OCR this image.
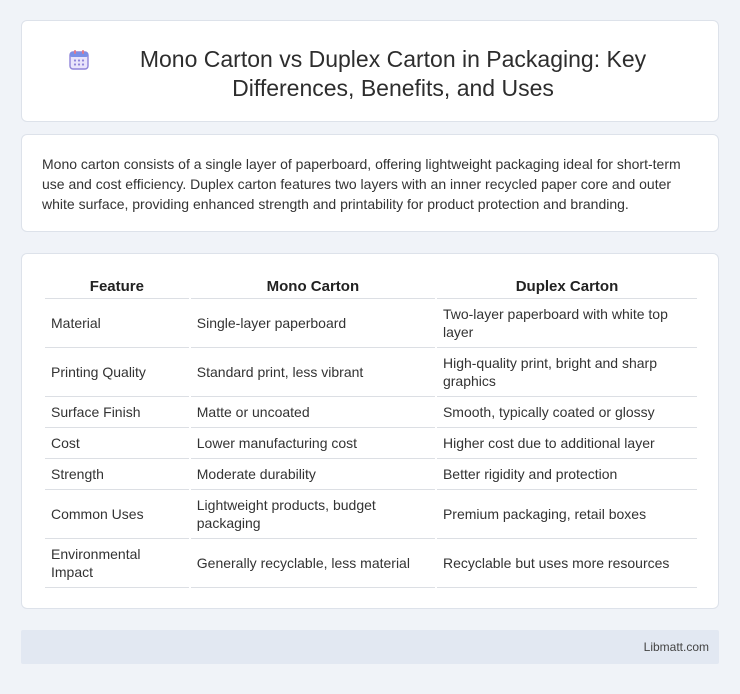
Mono Carton vs Duplex Carton in Packaging: Key Differences, Benefits, and Uses

Mono carton consists of a single layer of paperboard, offering lightweight packaging ideal for short-term use and cost efficiency. Duplex carton features two layers with an inner recycled paper core and outer white surface, providing enhanced strength and printability for product protection and branding.

Feature	Mono Carton	Duplex Carton
Material	Single-layer paperboard	Two-layer paperboard with white top layer
Printing Quality	Standard print, less vibrant	High-quality print, bright and sharp graphics
Surface Finish	Matte or uncoated	Smooth, typically coated or glossy
Cost	Lower manufacturing cost	Higher cost due to additional layer
Strength	Moderate durability	Better rigidity and protection
Common Uses	Lightweight products, budget packaging	Premium packaging, retail boxes
Environmental Impact	Generally recyclable, less material	Recyclable but uses more resources
Libmatt.com
